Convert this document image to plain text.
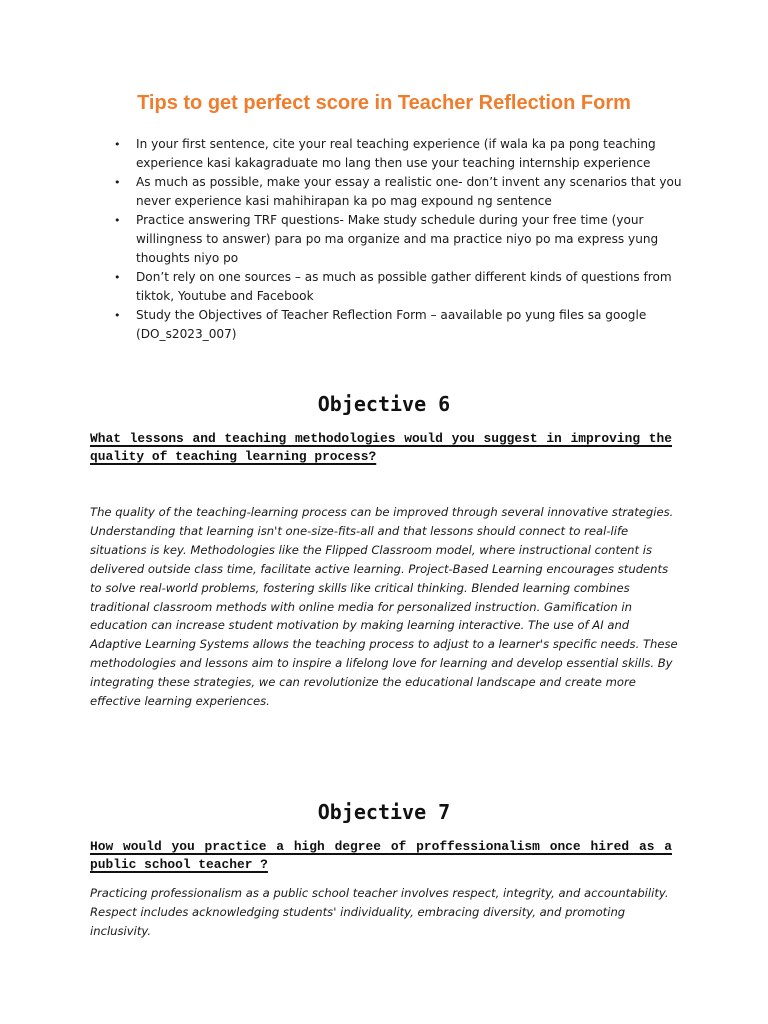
Tips to get perfect score in Teacher Reflection Form
• In your first sentence, cite your real teaching experience (if wala ka pa pong teaching experience kasi kakagraduate mo lang then use your teaching internship experience
• As much as possible, make your essay a realistic one- don’t invent any scenarios that you never experience kasi mahihirapan ka po mag expound ng sentence
• Practice answering TRF questions- Make study schedule during your free time (your willingness to answer) para po ma organize and ma practice niyo po ma express yung thoughts niyo po
• Don’t rely on one sources – as much as possible gather different kinds of questions from tiktok, Youtube and Facebook
• Study the Objectives of Teacher Reflection Form – aavailable po yung files sa google (DO_s2023_007)
Objective 6

What lessons and teaching methodologies would you suggest in improving the quality of teaching learning process?

The quality of the teaching-learning process can be improved through several innovative strategies. Understanding that learning isn't one-size-fits-all and that lessons should connect to real-life situations is key. Methodologies like the Flipped Classroom model, where instructional content is delivered outside class time, facilitate active learning. Project-Based Learning encourages students to solve real-world problems, fostering skills like critical thinking. Blended learning combines traditional classroom methods with online media for personalized instruction. Gamification in education can increase student motivation by making learning interactive. The use of AI and Adaptive Learning Systems allows the teaching process to adjust to a learner's specific needs. These methodologies and lessons aim to inspire a lifelong love for learning and develop essential skills. By integrating these strategies, we can revolutionize the educational landscape and create more effective learning experiences.

Objective 7

How would you practice a high degree of proffessionalism once hired as a public school teacher ?

Practicing professionalism as a public school teacher involves respect, integrity, and accountability. Respect includes acknowledging students' individuality, embracing diversity, and promoting inclusivity.
